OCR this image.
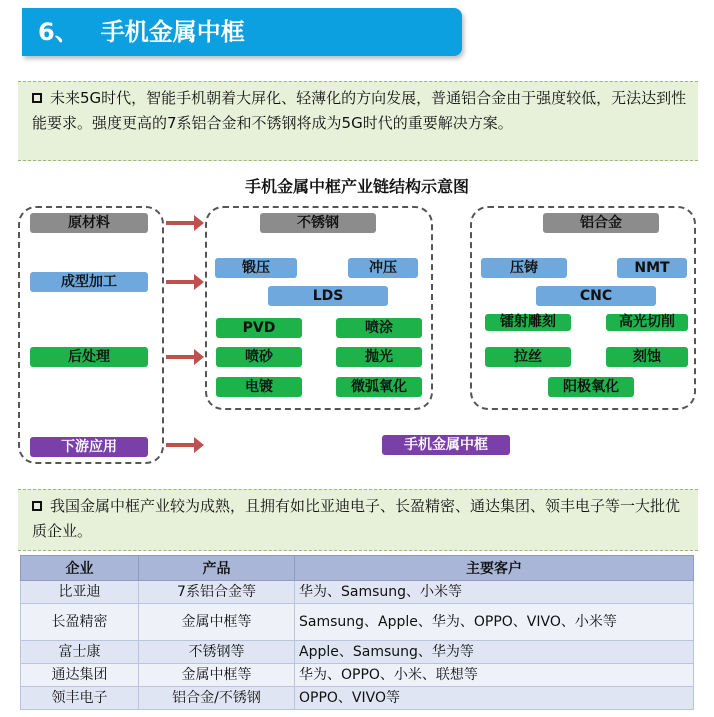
6、 手机金属中框
未来5G时代，智能手机朝着大屏化、轻薄化的方向发展，普通铝合金由于强度较低，无法达到性能要求。强度更高的7系铝合金和不锈钢将成为5G时代的重要解决方案。
手机金属中框产业链结构示意图
原材料
成型加工
后处理
下游应用
不锈钢
锻压	冲压
LDS
PVD	喷涂
喷砂	抛光
电镀	微弧氧化
铝合金
压铸	NMT
CNC
镭射雕刻	高光切削
拉丝	刻蚀
阳极氧化
手机金属中框
我国金属中框产业较为成熟，且拥有如比亚迪电子、长盈精密、通达集团、领丰电子等一大批优质企业。
企业	产品	主要客户
比亚迪	7系铝合金等	华为、Samsung、小米等
长盈精密	金属中框等	Samsung、Apple、华为、OPPO、VIVO、小米等
富士康	不锈钢等	Apple、Samsung、华为等
通达集团	金属中框等	华为、OPPO、小米、联想等
领丰电子	铝合金/不锈钢	OPPO、VIVO等
